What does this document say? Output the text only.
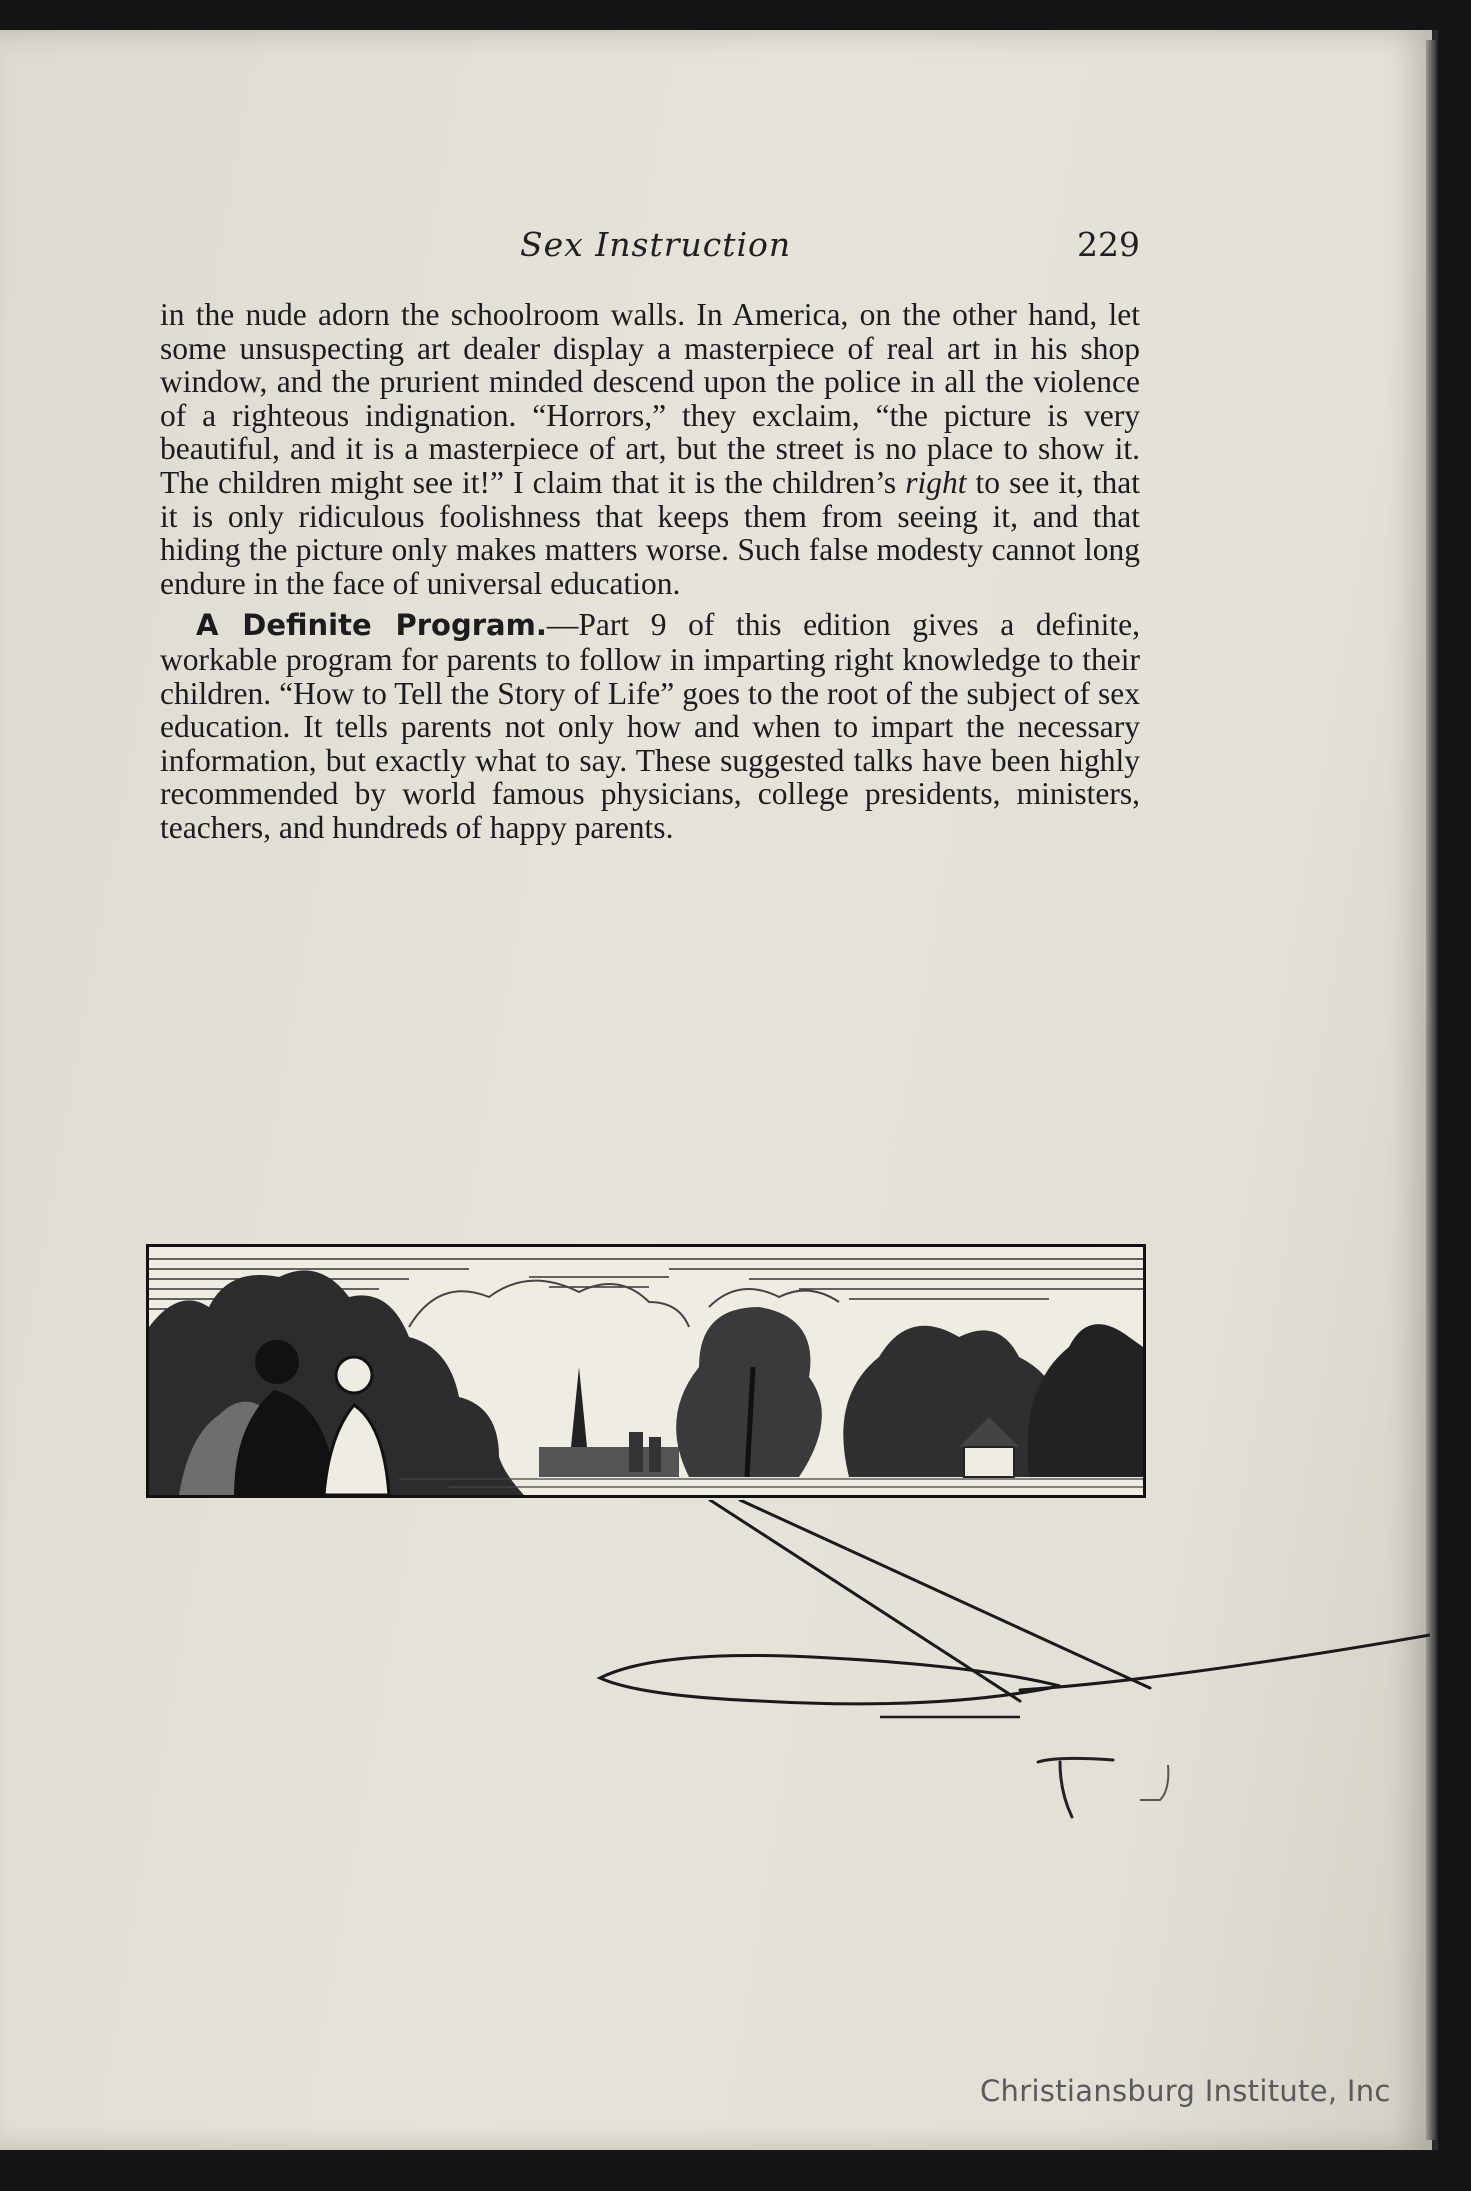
Sex Instruction	229

in the nude adorn the schoolroom walls. In America, on the other hand, let some unsuspecting art dealer display a masterpiece of real art in his shop window, and the prurient minded descend upon the police in all the violence of a righteous indignation. “Horrors,” they exclaim, “the picture is very beautiful, and it is a masterpiece of art, but the street is no place to show it. The children might see it!” I claim that it is the children’s right to see it, that it is only ridiculous foolishness that keeps them from seeing it, and that hiding the picture only makes matters worse. Such false modesty cannot long endure in the face of universal education.

A Definite Program.—Part 9 of this edition gives a definite, workable program for parents to follow in imparting right knowledge to their children. “How to Tell the Story of Life” goes to the root of the subject of sex education. It tells parents not only how and when to impart the necessary information, but exactly what to say. These suggested talks have been highly recommended by world famous physicians, college presidents, ministers, teachers, and hundreds of happy parents.

Christiansburg Institute, Inc
